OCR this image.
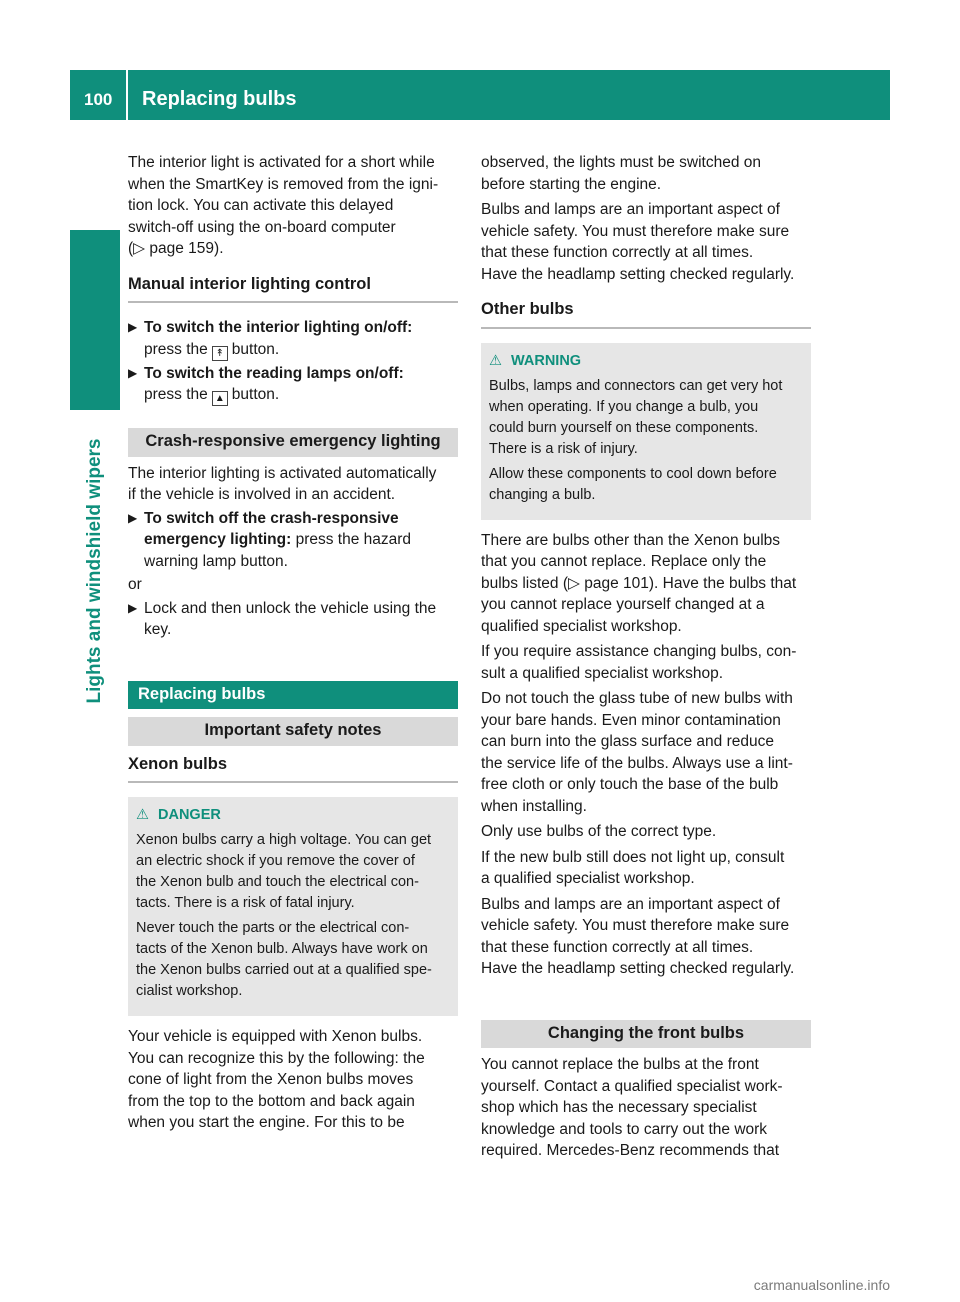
100 Replacing bulbs
Lights and windshield wipers

The interior light is activated for a short while
when the SmartKey is removed from the igni-
tion lock. You can activate this delayed
switch-off using the on-board computer
(▷ page 159).

Manual interior lighting control
▶ To switch the interior lighting on/off:
press the ↟ button.
▶ To switch the reading lamps on/off:
press the ▲ button.
Crash-responsive emergency lighting

The interior lighting is activated automatically
if the vehicle is involved in an accident.

▶ To switch off the crash-responsive
emergency lighting: press the hazard
warning lamp button.

or

▶ Lock and then unlock the vehicle using the
key.
Replacing bulbs
Important safety notes
Xenon bulbs
⚠ DANGER

Xenon bulbs carry a high voltage. You can get
an electric shock if you remove the cover of
the Xenon bulb and touch the electrical con-
tacts. There is a risk of fatal injury.

Never touch the parts or the electrical con-
tacts of the Xenon bulb. Always have work on
the Xenon bulbs carried out at a qualified spe-
cialist workshop.

Your vehicle is equipped with Xenon bulbs.
You can recognize this by the following: the
cone of light from the Xenon bulbs moves
from the top to the bottom and back again
when you start the engine. For this to be

observed, the lights must be switched on
before starting the engine.

Bulbs and lamps are an important aspect of
vehicle safety. You must therefore make sure
that these function correctly at all times.
Have the headlamp setting checked regularly.

Other bulbs
⚠ WARNING

Bulbs, lamps and connectors can get very hot
when operating. If you change a bulb, you
could burn yourself on these components.
There is a risk of injury.

Allow these components to cool down before
changing a bulb.

There are bulbs other than the Xenon bulbs
that you cannot replace. Replace only the
bulbs listed (▷ page 101). Have the bulbs that
you cannot replace yourself changed at a
qualified specialist workshop.

If you require assistance changing bulbs, con-
sult a qualified specialist workshop.

Do not touch the glass tube of new bulbs with
your bare hands. Even minor contamination
can burn into the glass surface and reduce
the service life of the bulbs. Always use a lint-
free cloth or only touch the base of the bulb
when installing.

Only use bulbs of the correct type.

If the new bulb still does not light up, consult
a qualified specialist workshop.

Bulbs and lamps are an important aspect of
vehicle safety. You must therefore make sure
that these function correctly at all times.
Have the headlamp setting checked regularly.

Changing the front bulbs

You cannot replace the bulbs at the front
yourself. Contact a qualified specialist work-
shop which has the necessary specialist
knowledge and tools to carry out the work
required. Mercedes-Benz recommends that

carmanualsonline.info
